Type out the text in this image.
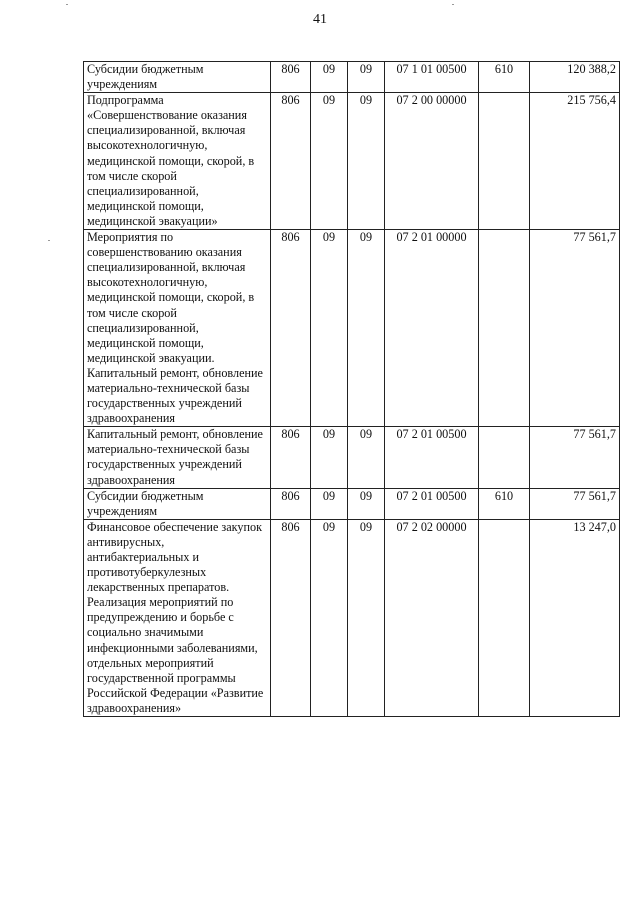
41
Субсидии бюджетным учреждениям	806	09	09	07 1 01 00500	610	120 388,2
Подпрограмма «Совершенствование оказания специализированной, включая высокотехнологичную, медицинской помощи, скорой, в том числе скорой специализированной, медицинской помощи, медицинской эвакуации»	806	09	09	07 2 00 00000		215 756,4
Мероприятия по совершенствованию оказания специализированной, включая высокотехнологичную, медицинской помощи, скорой, в том числе скорой специализированной, медицинской помощи, медицинской эвакуации. Капитальный ремонт, обновление материально-технической базы государственных учреждений здравоохранения	806	09	09	07 2 01 00000		77 561,7
Капитальный ремонт, обновление материально-технической базы государственных учреждений здравоохранения	806	09	09	07 2 01 00500		77 561,7
Субсидии бюджетным учреждениям	806	09	09	07 2 01 00500	610	77 561,7
Финансовое обеспечение закупок антивирусных, антибактериальных и противотуберкулезных лекарственных препаратов. Реализация мероприятий по предупреждению и борьбе с социально значимыми инфекционными заболеваниями, отдельных мероприятий государственной программы Российской Федерации «Развитие здравоохранения»	806	09	09	07 2 02 00000		13 247,0
